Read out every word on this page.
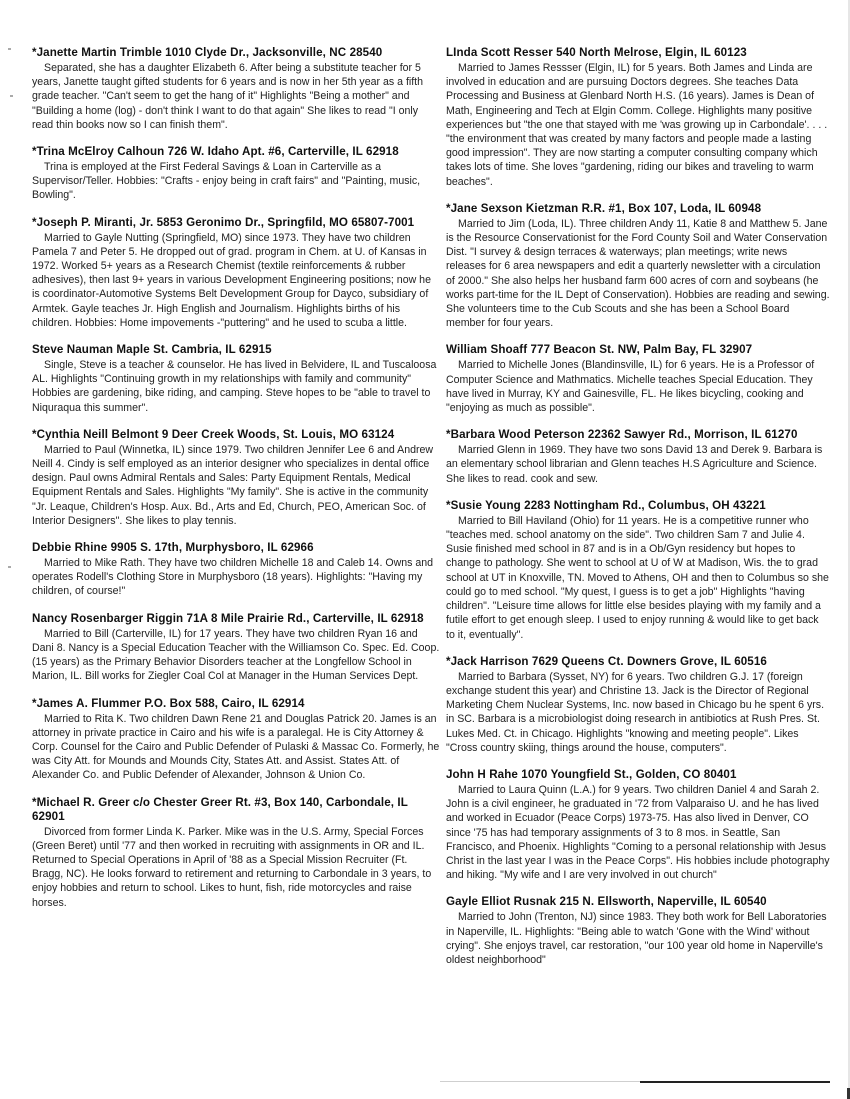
*Janette Martin Trimble 1010 Clyde Dr., Jacksonville, NC 28540
Separated, she has a daughter Elizabeth 6. After being a substitute teacher for 5 years, Janette taught gifted students for 6 years and is now in her 5th year as a fifth grade teacher. "Can't seem to get the hang of it" Highlights "Being a mother" and "Building a home (log) - don't think I want to do that again" She likes to read "I only read thin books now so I can finish them".
*Trina McElroy Calhoun 726 W. Idaho Apt. #6, Carterville, IL 62918
Trina is employed at the First Federal Savings & Loan in Carterville as a Supervisor/Teller. Hobbies: "Crafts - enjoy being in craft fairs" and "Painting, music, Bowling".
*Joseph P. Miranti, Jr. 5853 Geronimo Dr., Springfild, MO 65807-7001
Married to Gayle Nutting (Springfield, MO) since 1973. They have two children Pamela 7 and Peter 5. He dropped out of grad. program in Chem. at U. of Kansas in 1972. Worked 5+ years as a Research Chemist (textile reinforcements & rubber adhesives), then last 9+ years in various Development Engineering positions; now he is coordinator-Automotive Systems Belt Development Group for Dayco, subsidiary of Armtek. Gayle teaches Jr. High English and Journalism. Highlights births of his children. Hobbies: Home impovements -"puttering" and he used to scuba a little.
Steve Nauman Maple St. Cambria, IL 62915
Single, Steve is a teacher & counselor. He has lived in Belvidere, IL and Tuscaloosa AL. Highlights "Continuing growth in my relationships with family and community" Hobbies are gardening, bike riding, and camping. Steve hopes to be "able to travel to Niquraqua this summer".
*Cynthia Neill Belmont 9 Deer Creek Woods, St. Louis, MO 63124
Married to Paul (Winnetka, IL) since 1979. Two children Jennifer Lee 6 and Andrew Neill 4. Cindy is self employed as an interior designer who specializes in dental office design. Paul owns Admiral Rentals and Sales: Party Equipment Rentals, Medical Equipment Rentals and Sales. Highlights "My family". She is active in the community "Jr. Leaque, Children's Hosp. Aux. Bd., Arts and Ed, Church, PEO, American Soc. of Interior Designers". She likes to play tennis.
Debbie Rhine 9905 S. 17th, Murphysboro, IL 62966
Married to Mike Rath. They have two children Michelle 18 and Caleb 14. Owns and operates Rodell's Clothing Store in Murphysboro (18 years). Highlights: "Having my children, of course!"
Nancy Rosenbarger Riggin 71A 8 Mile Prairie Rd., Carterville, IL 62918
Married to Bill (Carterville, IL) for 17 years. They have two children Ryan 16 and Dani 8. Nancy is a Special Education Teacher with the Williamson Co. Spec. Ed. Coop. (15 years) as the Primary Behavior Disorders teacher at the Longfellow School in Marion, IL. Bill works for Ziegler Coal Col at Manager in the Human Services Dept.
*James A. Flummer P.O. Box 588, Cairo, IL 62914
Married to Rita K. Two children Dawn Rene 21 and Douglas Patrick 20. James is an attorney in private practice in Cairo and his wife is a paralegal. He is City Attorney & Corp. Counsel for the Cairo and Public Defender of Pulaski & Massac Co. Formerly, he was City Att. for Mounds and Mounds City, States Att. and Assist. States Att. of Alexander Co. and Public Defender of Alexander, Johnson & Union Co.
*Michael R. Greer c/o Chester Greer Rt. #3, Box 140, Carbondale, IL 62901
Divorced from former Linda K. Parker. Mike was in the U.S. Army, Special Forces (Green Beret) until '77 and then worked in recruiting with assignments in OR and IL. Returned to Special Operations in April of '88 as a Special Mission Recruiter (Ft. Bragg, NC). He looks forward to retirement and returning to Carbondale in 3 years, to enjoy hobbies and return to school. Likes to hunt, fish, ride motorcycles and raise horses.
LInda Scott Resser 540 North Melrose, Elgin, IL 60123
Married to James Ressser (Elgin, IL) for 5 years. Both James and Linda are involved in education and are pursuing Doctors degrees. She teaches Data Processing and Business at Glenbard North H.S. (16 years). James is Dean of Math, Engineering and Tech at Elgin Comm. College. Highlights many positive experiences but "the one that stayed with me 'was growing up in Carbondale'. . . . "the environment that was created by many factors and people made a lasting good impression". They are now starting a computer consulting company which takes lots of time. She loves "gardening, riding our bikes and traveling to warm beaches".
*Jane Sexson Kietzman R.R. #1, Box 107, Loda, IL 60948
Married to Jim (Loda, IL). Three children Andy 11, Katie 8 and Matthew 5. Jane is the Resource Conservationist for the Ford County Soil and Water Conservation Dist. "I survey & design terraces & waterways; plan meetings; write news releases for 6 area newspapers and edit a quarterly newsletter with a circulation of 2000." She also helps her husband farm 600 acres of corn and soybeans (he works part-time for the IL Dept of Conservation). Hobbies are reading and sewing. She volunteers time to the Cub Scouts and she has been a School Board member for four years.
William Shoaff 777 Beacon St. NW, Palm Bay, FL 32907
Married to Michelle Jones (Blandinsville, IL) for 6 years. He is a Professor of Computer Science and Mathmatics. Michelle teaches Special Education. They have lived in Murray, KY and Gainesville, FL. He likes bicycling, cooking and "enjoying as much as possible".
*Barbara Wood Peterson 22362 Sawyer Rd., Morrison, IL 61270
Married Glenn in 1969. They have two sons David 13 and Derek 9. Barbara is an elementary school librarian and Glenn teaches H.S Agriculture and Science. She likes to read. cook and sew.
*Susie Young 2283 Nottingham Rd., Columbus, OH 43221
Married to Bill Haviland (Ohio) for 11 years. He is a competitive runner who "teaches med. school anatomy on the side". Two children Sam 7 and Julie 4. Susie finished med school in 87 and is in a Ob/Gyn residency but hopes to change to pathology. She went to school at U of W at Madison, Wis. the to grad school at UT in Knoxville, TN. Moved to Athens, OH and then to Columbus so she could go to med school. "My quest, I guess is to get a job" Highlights "having children". "Leisure time allows for little else besides playing with my family and a futile effort to get enough sleep. I used to enjoy running & would like to get back to it, eventually".
*Jack Harrison 7629 Queens Ct. Downers Grove, IL 60516
Married to Barbara (Sysset, NY) for 6 years. Two children G.J. 17 (foreign exchange student this year) and Christine 13. Jack is the Director of Regional Marketing Chem Nuclear Systems, Inc. now based in Chicago bu he spent 6 yrs. in SC. Barbara is a microbiologist doing research in antibiotics at Rush Pres. St. Lukes Med. Ct. in Chicago. Highlights "knowing and meeting people". Likes "Cross country skiing, things around the house, computers".
John H Rahe 1070 Youngfield St., Golden, CO 80401
Married to Laura Quinn (L.A.) for 9 years. Two children Daniel 4 and Sarah 2. John is a civil engineer, he graduated in '72 from Valparaiso U. and he has lived and worked in Ecuador (Peace Corps) 1973-75. Has also lived in Denver, CO since '75 has had temporary assignments of 3 to 8 mos. in Seattle, San Francisco, and Phoenix. Highlights "Coming to a personal relationship with Jesus Christ in the last year I was in the Peace Corps". His hobbies include photography and hiking. "My wife and I are very involved in out church"
Gayle Elliot Rusnak 215 N. Ellsworth, Naperville, IL 60540
Married to John (Trenton, NJ) since 1983. They both work for Bell Laboratories in Naperville, IL. Highlights: "Being able to watch 'Gone with the Wind' without crying". She enjoys travel, car restoration, "our 100 year old home in Naperville's oldest neighborhood"
